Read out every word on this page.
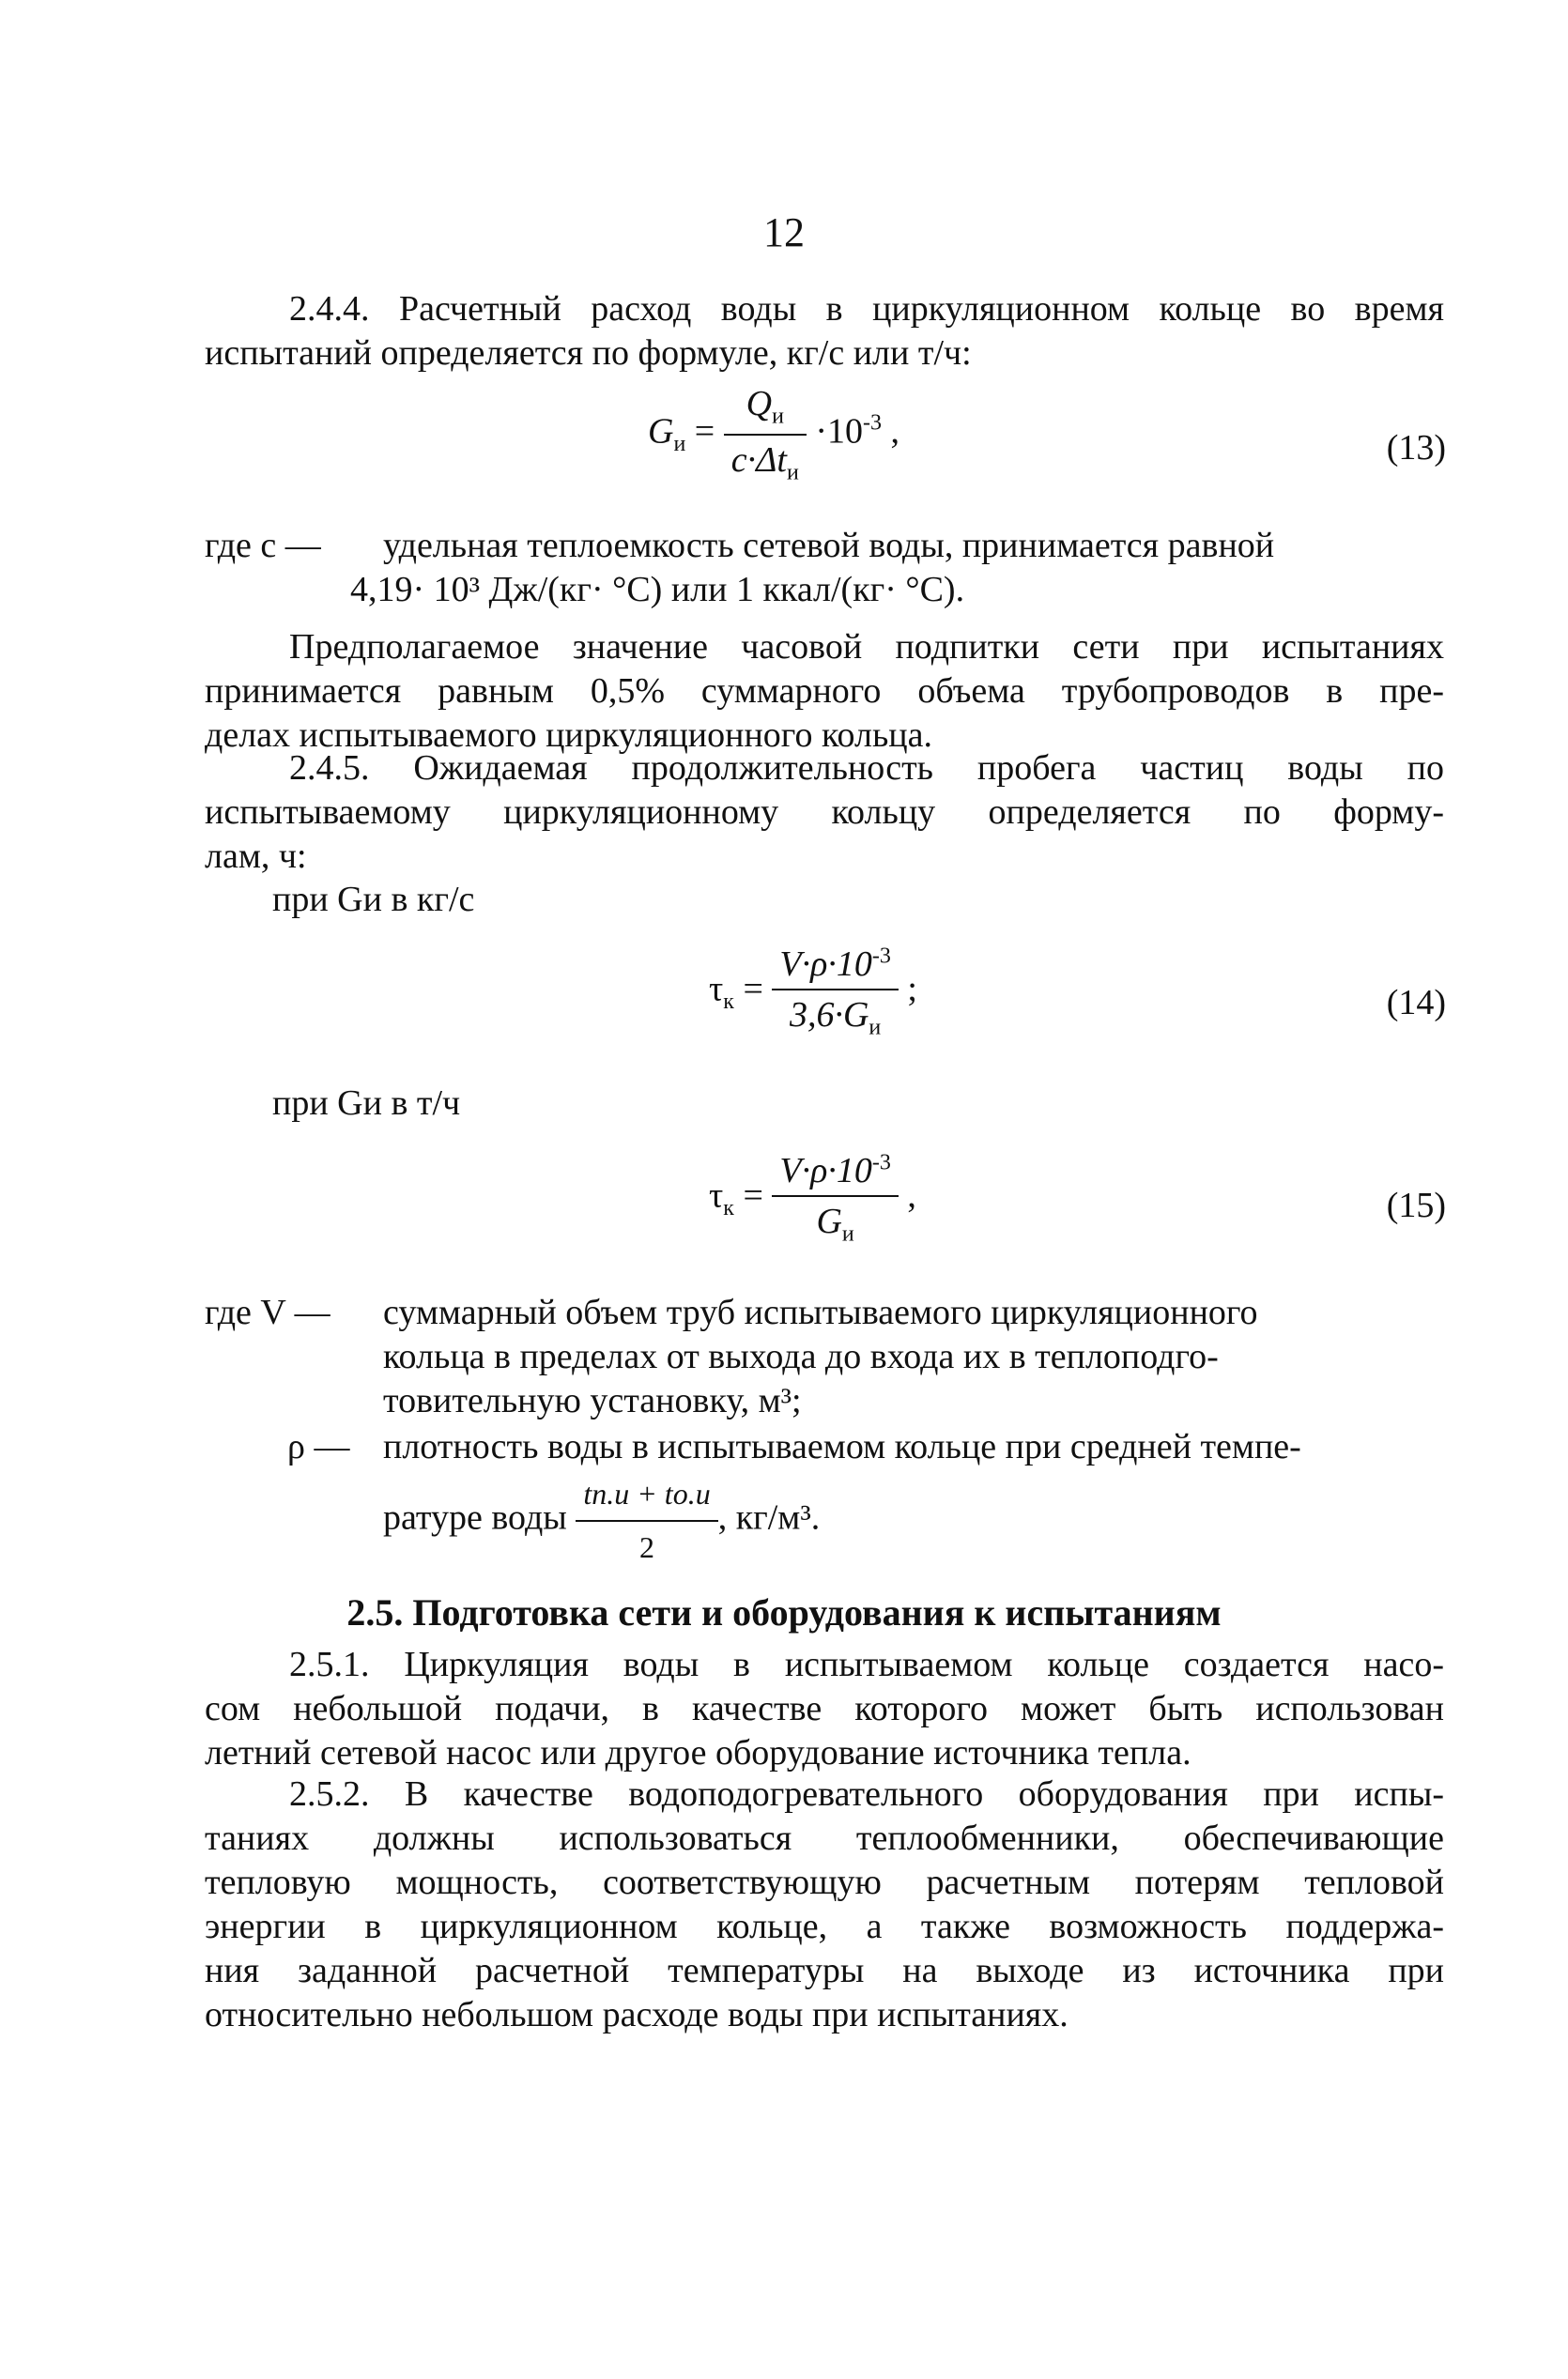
12
2.4.4. Расчетный расход воды в циркуляционном кольце во время
испытаний определяется по формуле, кг/с или т/ч:
$G_и = \frac{Q_и}{c\cdot\Delta t_и} \cdot 10^{-3}$ ,	(13)
где c — удельная теплоемкость сетевой воды, принимается равной
4,19· 10³ Дж/(кг· °С) или 1 ккал/(кг· °С).
Предполагаемое значение часовой подпитки сети при испытаниях
принимается равным 0,5% суммарного объема трубопроводов в пре-
делах испытываемого циркуляционного кольца.
2.4.5. Ожидаемая продолжительность пробега частиц воды по
испытываемому циркуляционному кольцу определяется по форму-
лам, ч:
при Gи в кг/с
$\tau_к = \frac{V\cdot\rho\cdot 10^{-3}}{3,6\cdot G_и}$ ;	(14)
при Gи в т/ч
$\tau_к = \frac{V\cdot\rho\cdot 10^{-3}}{G_и}$ ,	(15)
где V — суммарный объем труб испытываемого циркуляционного
кольца в пределах от выхода до входа их в теплоподго-
товительную установку, м³;
ρ — плотность воды в испытываемом кольце при средней темпе-
ратуре воды $\frac{tп.и + tо.и}{2}$ , кг/м³.
2.5. Подготовка сети и оборудования к испытаниям
2.5.1. Циркуляция воды в испытываемом кольце создается насо-
сом небольшой подачи, в качестве которого может быть использован
летний сетевой насос или другое оборудование источника тепла.
2.5.2. В качестве водоподогревательного оборудования при испы-
таниях должны использоваться теплообменники, обеспечивающие
тепловую мощность, соответствующую расчетным потерям тепловой
энергии в циркуляционном кольце, а также возможность поддержа-
ния заданной расчетной температуры на выходе из источника при
относительно небольшом расходе воды при испытаниях.
